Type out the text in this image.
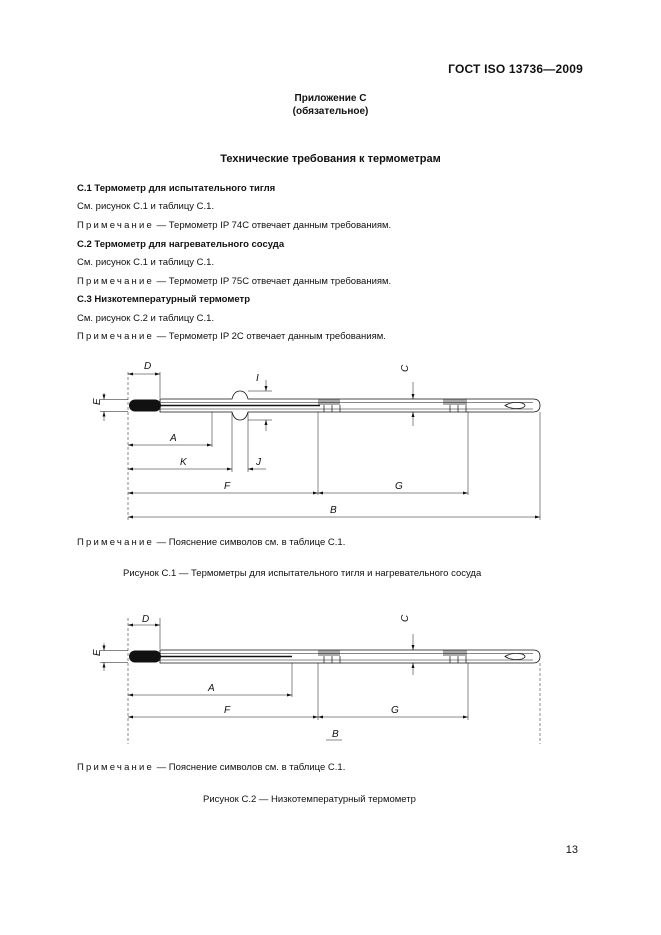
ГОСТ ISO 13736—2009

Приложение С

(обязательное)

Технические требования к термометрам

С.1 Термометр для испытательного тигля

См. рисунок С.1 и таблицу С.1.

Примечание — Термометр IP 74C отвечает данным требованиям.

С.2 Термометр для нагревательного сосуда

См. рисунок С.1 и таблицу С.1.

Примечание — Термометр IP 75C отвечает данным требованиям.

С.3 Низкотемпературный термометр

См. рисунок С.2 и таблицу С.1.

Примечание — Термометр IP 2C отвечает данным требованиям.

D
E
I
C
A
K	J
F	G
B

Примечание — Пояснение символов см. в таблице С.1.

Рисунок С.1 — Термометры для испытательного тигля и нагревательного сосуда

D
E
C
A
F	G
B

Примечание — Пояснение символов см. в таблице С.1.

Рисунок С.2 — Низкотемпературный термометр

13
